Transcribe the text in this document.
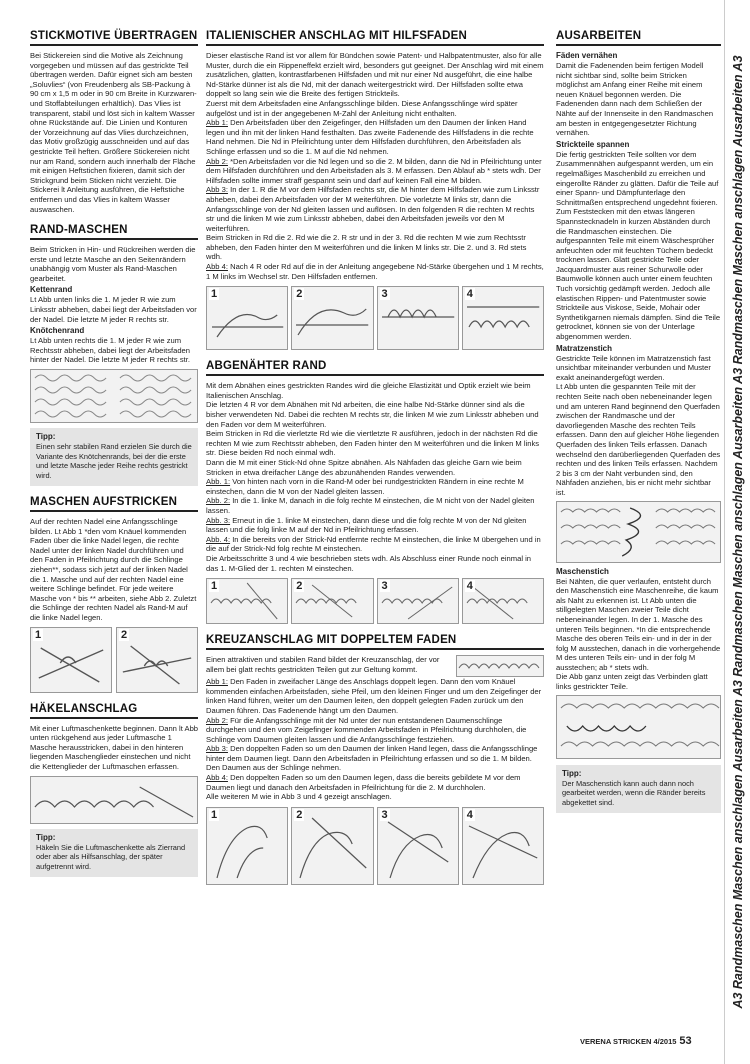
STICKMOTIVE ÜBERTRAGEN

Bei Stickereien sind die Motive als Zeichnung vorgegeben und müssen auf das gestrickte Teil übertragen werden. Dafür eignet sich am besten „Soluvlies“ (von Freudenberg als SB-Packung à 90 cm x 1,5 m oder in 90 cm Breite in Kurzwaren- und Stoffabteilungen erhältlich). Das Vlies ist transparent, stabil und löst sich in kaltem Wasser ohne Rückstände auf. Die Linien und Konturen der Vorzeichnung auf das Vlies durchzeichnen, das Motiv großzügig ausschneiden und auf das gestrickte Teil heften. Größere Stickereien nicht nur am Rand, sondern auch innerhalb der Fläche mit einigen Heftstichen fixieren, damit sich der Strickgrund beim Sticken nicht verzieht. Die Stickerei lt Anleitung ausführen, die Heftstiche entfernen und das Vlies in kaltem Wasser auswaschen.

RAND-MASCHEN

Beim Stricken in Hin- und Rückreihen werden die erste und letzte Masche an den Seitenrändern unabhängig vom Muster als Rand-Maschen gearbeitet.

Kettenrand

Lt Abb unten links die 1. M jeder R wie zum Linksstr abheben, dabei liegt der Arbeitsfaden vor der Nadel. Die letzte M jeder R rechts str.

Knötchenrand

Lt Abb unten rechts die 1. M jeder R wie zum Rechtsstr abheben, dabei liegt der Arbeitsfaden hinter der Nadel. Die letzte M jeder R rechts str.

Tipp:
Einen sehr stabilen Rand erzielen Sie durch die Variante des Knötchenrands, bei der die erste und letzte Masche jeder Reihe rechts gestrickt wird.
MASCHEN AUFSTRICKEN

Auf der rechten Nadel eine Anfangsschlinge bilden. Lt Abb 1 *den vom Knäuel kommenden Faden über die linke Nadel legen, die rechte Nadel unter der linken Nadel durchführen und den Faden in Pfeilrichtung durch die Schlinge ziehen**, sodass sich jetzt auf der linken Nadel die 1. Masche und auf der rechten Nadel eine weitere Schlinge befindet. Für jede weitere Masche von * bis ** arbeiten, siehe Abb 2. Zuletzt die Schlinge der rechten Nadel als Rand-M auf die linke Nadel legen.

1	2
HÄKELANSCHLAG

Mit einer Luftmaschenkette beginnen. Dann lt Abb unten rückgehend aus jeder Luftmasche 1 Masche herausstricken, dabei in den hinteren liegenden Maschenglieder einstechen und nicht die Kettenglieder der Luftmaschen erfassen.

Tipp:
Häkeln Sie die Luftmaschenkette als Zierrand oder aber als Hilfsanschlag, der später aufgetrennt wird.
ITALIENISCHER ANSCHLAG MIT HILFSFADEN

Dieser elastische Rand ist vor allem für Bündchen sowie Patent- und Halbpatentmuster, also für alle Muster, durch die ein Rippeneffekt erzielt wird, besonders gut geeignet. Der Anschlag wird mit einem zusätzlichen, glatten, kontrastfarbenen Hilfsfaden und mit nur einer Nd ausgeführt, die eine halbe Nd-Stärke dünner ist als die Nd, mit der danach weitergestrickt wird. Der Hilfsfaden sollte etwa doppelt so lang sein wie die Breite des fertigen Strickteils.

Zuerst mit dem Arbeitsfaden eine Anfangsschlinge bilden. Diese Anfangsschlinge wird später aufgelöst und ist in der angegebenen M-Zahl der Anleitung nicht enthalten.

Abb 1: Den Arbeitsfaden über den Zeigefinger, den Hilfsfaden um den Daumen der linken Hand legen und ihn mit der linken Hand festhalten. Das zweite Fadenende des Hilfsfadens in die rechte Hand nehmen. Die Nd in Pfeilrichtung unter dem Hilfsfaden durchführen, den Arbeitsfaden als Schlinge erfassen und so die 1. M auf die Nd nehmen.

Abb 2: *Den Arbeitsfaden vor die Nd legen und so die 2. M bilden, dann die Nd in Pfeilrichtung unter dem Hilfsfaden durchführen und den Arbeitsfaden als 3. M erfassen. Den Ablauf ab * stets wdh. Der Hilfsfaden sollte immer straff gespannt sein und darf auf keinen Fall eine M bilden.

Abb 3: In der 1. R die M vor dem Hilfsfaden rechts str, die M hinter dem Hilfsfaden wie zum Linksstr abheben, dabei den Arbeitsfaden vor der M weiterführen. Die vorletzte M links str, dann die Anfangsschlinge von der Nd gleiten lassen und auflösen. In den folgenden R die rechten M rechts str und die linken M wie zum Linksstr abheben, dabei den Arbeitsfaden jeweils vor den M weiterführen.

Beim Stricken in Rd die 2. Rd wie die 2. R str und in der 3. Rd die rechten M wie zum Rechtsstr abheben, den Faden hinter den M weiterführen und die linken M links str. Die 2. und 3. Rd stets wdh.

Abb 4: Nach 4 R oder Rd auf die in der Anleitung angegebene Nd-Stärke übergehen und 1 M rechts, 1 M links im Wechsel str. Den Hilfsfaden entfernen.

1	2	3	4
ABGENÄHTER RAND

Mit dem Abnähen eines gestrickten Randes wird die gleiche Elastizität und Optik erzielt wie beim Italienischen Anschlag.

Die letzten 4 R vor dem Abnähen mit Nd arbeiten, die eine halbe Nd-Stärke dünner sind als die bisher verwendeten Nd. Dabei die rechten M rechts str, die linken M wie zum Linksstr abheben und den Faden vor dem M weiterführen.

Beim Stricken in Rd die vierletzte Rd wie die viertletzte R ausführen, jedoch in der nächsten Rd die rechten M wie zum Rechtsstr abheben, den Faden hinter den M weiterführen und die linken M links str. Diese beiden Rd noch einmal wdh.

Dann die M mit einer Stick-Nd ohne Spitze abnähen. Als Nähfaden das gleiche Garn wie beim Stricken in etwa dreifacher Länge des abzunähenden Randes verwenden.

Abb. 1: Von hinten nach vorn in die Rand-M oder bei rundgestrickten Rändern in eine rechte M einstechen, dann die M von der Nadel gleiten lassen.

Abb. 2: In die 1. linke M, danach in die folg rechte M einstechen, die M nicht von der Nadel gleiten lassen.

Abb. 3: Erneut in die 1. linke M einstechen, dann diese und die folg rechte M von der Nd gleiten lassen und die folg linke M auf der Nd in Pfeilrichtung erfassen.

Abb. 4: In die bereits von der Strick-Nd entfernte rechte M einstechen, die linke M übergehen und in die auf der Strick-Nd folg rechte M einstechen.

Die Arbeitsschritte 3 und 4 wie beschrieben stets wdh. Als Abschluss einer Runde noch einmal in das 1. M-Glied der 1. rechten M einstechen.

1	2	3	4
KREUZANSCHLAG MIT DOPPELTEM FADEN

Einen attraktiven und stabilen Rand bildet der Kreuzanschlag, der vor allem bei glatt rechts gestrickten Teilen gut zur Geltung kommt.

Abb 1: Den Faden in zweifacher Länge des Anschlags doppelt legen. Dann den vom Knäuel kommenden einfachen Arbeitsfaden, siehe Pfeil, um den kleinen Finger und um den Zeigefinger der linken Hand führen, weiter um den Daumen leiten, den doppelt gelegten Faden zurück um den Daumen führen. Das Fadenende hängt um den Daumen.

Abb 2: Für die Anfangsschlinge mit der Nd unter der nun entstandenen Daumenschlinge durchgehen und den vom Zeigefinger kommenden Arbeitsfaden in Pfeilrichtung durchholen, die Schlinge vom Daumen gleiten lassen und die Anfangsschlinge festziehen.

Abb 3: Den doppelten Faden so um den Daumen der linken Hand legen, dass die Anfangsschlinge hinter dem Daumen liegt. Dann den Arbeitsfaden in Pfeilrichtung erfassen und so die 1. M bilden. Den Daumen aus der Schlinge nehmen.

Abb 4: Den doppelten Faden so um den Daumen legen, dass die bereits gebildete M vor dem Daumen liegt und danach den Arbeitsfaden in Pfeilrichtung für die 2. M durchholen.

Alle weiteren M wie in Abb 3 und 4 gezeigt anschlagen.

1	2	3	4
AUSARBEITEN

Fäden vernähen

Damit die Fadenenden beim fertigen Modell nicht sichtbar sind, sollte beim Stricken möglichst am Anfang einer Reihe mit einem neuen Knäuel begonnen werden. Die Fadenenden dann nach dem Schließen der Nähte auf der Innenseite in den Randmaschen am besten in entgegengesetzter Richtung vernähen.

Strickteile spannen

Die fertig gestrickten Teile sollten vor dem Zusammennähen aufgespannt werden, um ein regelmäßiges Maschenbild zu erreichen und eingerollte Ränder zu glätten. Dafür die Teile auf einer Spann- und Dämpfunterlage den Schnittmaßen entsprechend ungedehnt fixieren. Zum Feststecken mit den etwas längeren Spannstecknadeln in kurzen Abständen durch die Randmaschen einstechen. Die aufgespannten Teile mit einem Wäschesprüher anfeuchten oder mit feuchten Tüchern bedeckt trocknen lassen. Glatt gestrickte Teile oder Jacquardmuster aus reiner Schurwolle oder Baumwolle können auch unter einem feuchten Tuch vorsichtig gedämpft werden. Jedoch alle elastischen Rippen- und Patentmuster sowie Strickteile aus Viskose, Seide, Mohair oder Synthetikgarnen niemals dämpfen. Sind die Teile getrocknet, können sie von der Unterlage abgenommen werden.

Matratzenstich

Gestrickte Teile können im Matratzenstich fast unsichtbar miteinander verbunden und Muster exakt aneinandergefügt werden.

Lt Abb unten die gespannten Teile mit der rechten Seite nach oben nebeneinander legen und am unteren Rand beginnend den Querfaden zwischen der Randmasche und der davorliegenden Masche des rechten Teils erfassen. Dann den auf gleicher Höhe liegenden Querfaden des linken Teils erfassen. Danach wechselnd den darüberliegenden Querfaden des rechten und des linken Teils erfassen. Nachdem 2 bis 3 cm der Naht verbunden sind, den Nähfaden anziehen, bis er nicht mehr sichtbar ist.

Maschenstich

Bei Nähten, die quer verlaufen, entsteht durch den Maschenstich eine Maschenreihe, die kaum als Naht zu erkennen ist. Lt Abb unten die stillgelegten Maschen zweier Teile dicht nebeneinander legen. In der 1. Masche des unteren Teils beginnen. *In die entsprechende Masche des oberen Teils ein- und in der in der folg M ausstechen, danach in die vorhergehende M des unteren Teils ein- und in der folg M ausstechen; ab * stets wdh.

Die Abb ganz unten zeigt das Verbinden glatt links gestrickter Teile.

Tipp:
Der Maschenstich kann auch dann noch gearbeitet werden, wenn die Ränder bereits abgekettet sind.	A3 Randmaschen Maschen anschlagen Ausarbeiten A3 Randmaschen Maschen anschlagen Ausarbeiten A3 Randmaschen Maschen anschlagen Ausarbeiten A3
VERENA STRICKEN 4/2015 53
